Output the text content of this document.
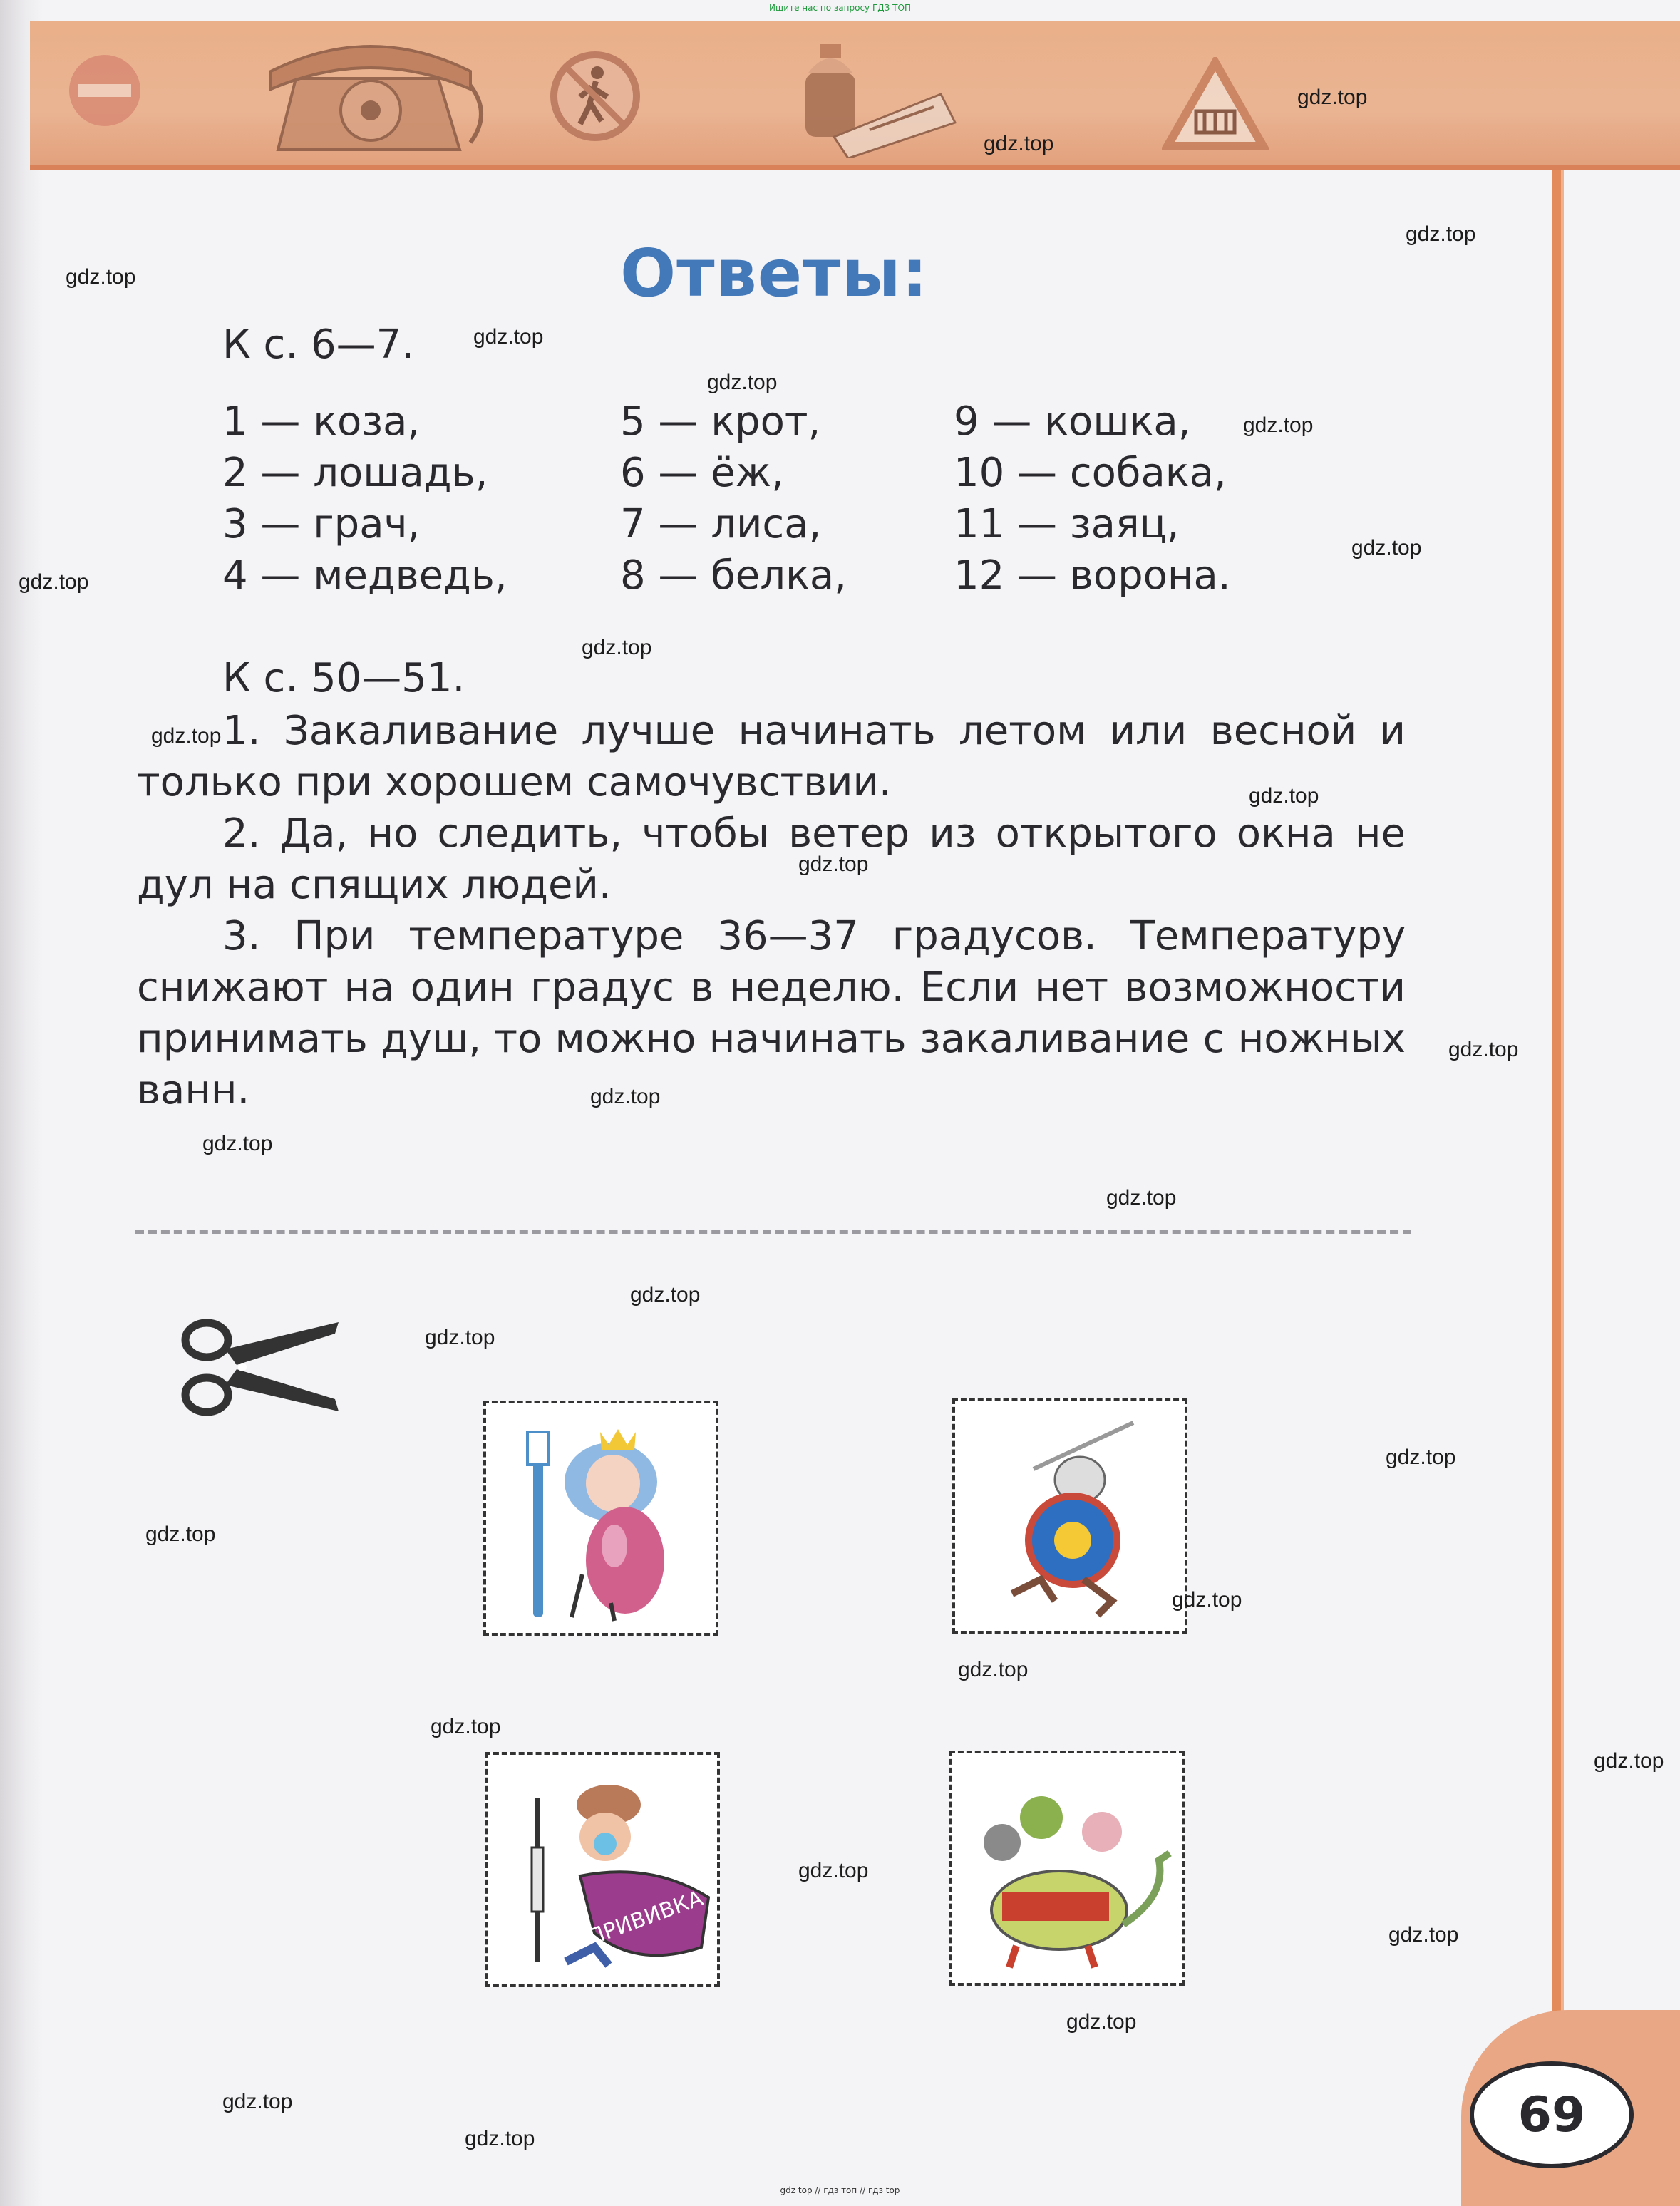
Ищите нас по запросу ГДЗ ТОП
Ответы:
К с. 6—7.
1 — коза,
2 — лошадь,
3 — грач,
4 — медведь,
5 — крот,
6 — ёж,
7 — лиса,
8 — белка,
9 — кошка,
10 — собака,
11 — заяц,
12 — ворона.
К с. 50—51.
1. Закаливание лучше начинать летом или весной и только при хорошем самочувствии.
2. Да, но следить, чтобы ветер из открытого окна не дул на спящих людей.
3. При температуре 36—37 градусов. Температуру снижают на один градус в неделю. Если нет возможности принимать душ, то можно начинать закаливание с ножных ванн.
ПРИВИВКА
69
gdz.top
gdz.top
gdz.top
gdz.top
gdz.top
gdz.top
gdz.top
gdz.top
gdz.top
gdz.top
gdz.top
gdz.top
gdz.top
gdz.top
gdz.top
gdz.top
gdz.top
gdz.top
gdz.top
gdz.top
gdz.top
gdz.top
gdz.top
gdz.top
gdz.top
gdz.top
gdz.top
gdz.top
gdz.top
gdz.top
gdz top // гдз топ // гдз top
